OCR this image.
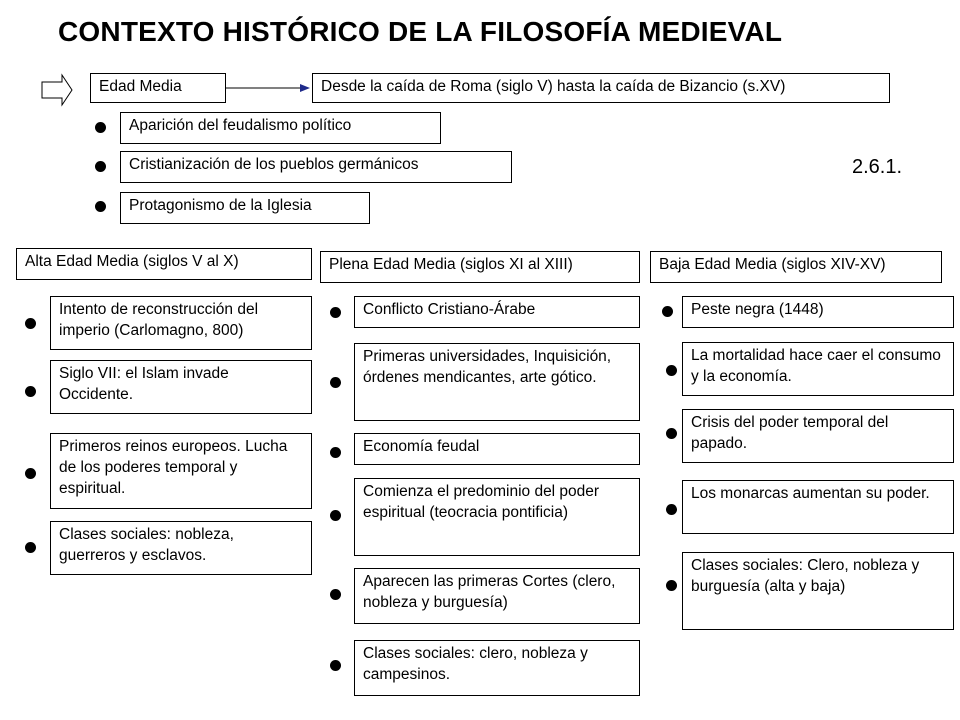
CONTEXTO HISTÓRICO DE LA FILOSOFÍA MEDIEVAL
Edad Media	Desde la caída de Roma (siglo V) hasta la caída de Bizancio (s.XV)
Aparición del feudalismo político
Cristianización de los pueblos germánicos
Protagonismo de la Iglesia
2.6.1.
Alta Edad Media (siglos V al X)	Plena Edad Media (siglos XI al XIII)	Baja Edad Media (siglos XIV-XV)
Intento de reconstrucción del imperio (Carlomagno, 800)
Siglo VII: el Islam invade Occidente.
Primeros reinos europeos. Lucha de los poderes temporal y espiritual.
Clases sociales: nobleza, guerreros y esclavos.
Conflicto Cristiano-Árabe
Primeras universidades, Inquisición, órdenes mendicantes, arte gótico.
Economía feudal
Comienza el predominio del poder espiritual (teocracia pontificia)
Aparecen las primeras Cortes (clero, nobleza y burguesía)
Clases sociales: clero, nobleza y campesinos.
Peste negra (1448)
La mortalidad hace caer el consumo y la economía.
Crisis del poder temporal del papado.
Los monarcas aumentan su poder.
Clases sociales: Clero, nobleza y burguesía (alta y baja)
